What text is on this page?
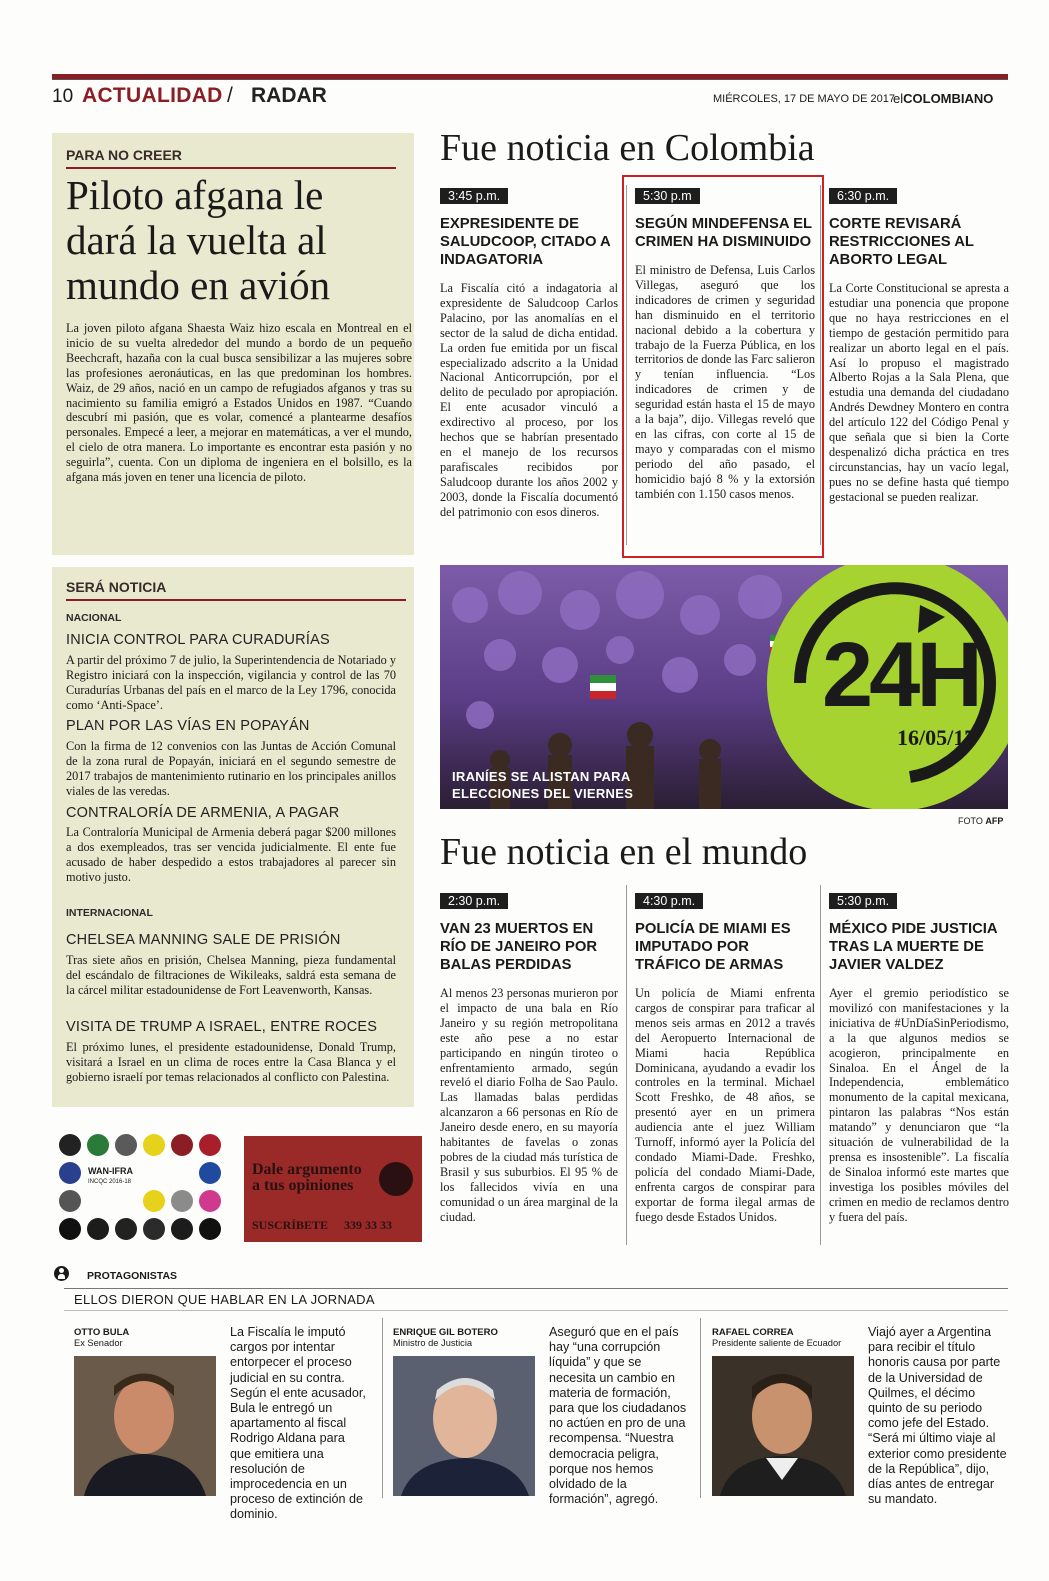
10 ACTUALIDAD / RADAR	MIÉRCOLES, 17 DE MAYO DE 2017
elCOLOMBIANO
PARA NO CREER
Piloto afgana le dará la vuelta al mundo en avión
La joven piloto afgana Shaesta Waiz hizo escala en Montreal en el inicio de su vuelta alrededor del mundo a bordo de un pequeño Beechcraft, hazaña con la cual busca sensibilizar a las mujeres sobre las profesiones aeronáuticas, en las que predominan los hombres. Waiz, de 29 años, nació en un campo de refugiados afganos y tras su nacimiento su familia emigró a Estados Unidos en 1987. “Cuando descubrí mi pasión, que es volar, comencé a plantearme desafíos personales. Empecé a leer, a mejorar en matemáticas, a ver el mundo, el cielo de otra manera. Lo importante es encontrar esta pasión y no seguirla”, cuenta. Con un diploma de ingeniera en el bolsillo, es la afgana más joven en tener una licencia de piloto.
SERÁ NOTICIA
NACIONAL
INICIA CONTROL PARA CURADURÍAS
A partir del próximo 7 de julio, la Superintendencia de Notariado y Registro iniciará con la inspección, vigilancia y control de las 70 Curadurías Urbanas del país en el marco de la Ley 1796, conocida como ‘Anti-Space’.
PLAN POR LAS VÍAS EN POPAYÁN
Con la firma de 12 convenios con las Juntas de Acción Comunal de la zona rural de Popayán, iniciará en el segundo semestre de 2017 trabajos de mantenimiento rutinario en los principales anillos viales de las veredas.
CONTRALORÍA DE ARMENIA, A PAGAR
La Contraloría Municipal de Armenia deberá pagar $200 millones a dos exempleados, tras ser vencida judicialmente. El ente fue acusado de haber despedido a estos trabajadores al parecer sin motivo justo.
INTERNACIONAL
CHELSEA MANNING SALE DE PRISIÓN
Tras siete años en prisión, Chelsea Manning, pieza fundamental del escándalo de filtraciones de Wikileaks, saldrá esta semana de la cárcel militar estadounidense de Fort Leavenworth, Kansas.
VISITA DE TRUMP A ISRAEL, ENTRE ROCES
El próximo lunes, el presidente estadounidense, Donald Trump, visitará a Israel en un clima de roces entre la Casa Blanca y el gobierno israelí por temas relacionados al conflicto con Palestina.
Fue noticia en Colombia
3:45 p.m.
EXPRESIDENTE DE SALUDCOOP, CITADO A INDAGATORIA
La Fiscalía citó a indagatoria al expresidente de Saludcoop Carlos Palacino, por las anomalías en el sector de la salud de dicha entidad. La orden fue emitida por un fiscal especializado adscrito a la Unidad Nacional Anticorrupción, por el delito de peculado por apropiación. El ente acusador vinculó a exdirectivo al proceso, por los hechos que se habrían presentado en el manejo de los recursos parafiscales recibidos por Saludcoop durante los años 2002 y 2003, donde la Fiscalía documentó del patrimonio con esos dineros.
5:30 p.m
SEGÚN MINDEFENSA EL CRIMEN HA DISMINUIDO
El ministro de Defensa, Luis Carlos Villegas, aseguró que los indicadores de crimen y seguridad han disminuido en el territorio nacional debido a la cobertura y trabajo de la Fuerza Pública, en los territorios de donde las Farc salieron y tenían influencia. “Los indicadores de crimen y de seguridad están hasta el 15 de mayo a la baja”, dijo. Villegas reveló que en las cifras, con corte al 15 de mayo y comparadas con el mismo periodo del año pasado, el homicidio bajó 8 % y la extorsión también con 1.150 casos menos.
6:30 p.m.
CORTE REVISARÁ RESTRICCIONES AL ABORTO LEGAL
La Corte Constitucional se apresta a estudiar una ponencia que propone que no haya restricciones en el tiempo de gestación permitido para realizar un aborto legal en el país. Así lo propuso el magistrado Alberto Rojas a la Sala Plena, que estudia una demanda del ciudadano Andrés Dewdney Montero en contra del artículo 122 del Código Penal y que señala que si bien la Corte despenalizó dicha práctica en tres circunstancias, hay un vacío legal, pues no se define hasta qué tiempo gestacional se pueden realizar.
24H
16/05/17
IRANÍES SE ALISTAN PARA
ELECCIONES DEL VIERNES
FOTO AFP
Fue noticia en el mundo
2:30 p.m.
VAN 23 MUERTOS EN RÍO DE JANEIRO POR BALAS PERDIDAS
Al menos 23 personas murieron por el impacto de una bala en Río Janeiro y su región metropolitana este año pese a no estar participando en ningún tiroteo o enfrentamiento armado, según reveló el diario Folha de Sao Paulo. Las llamadas balas perdidas alcanzaron a 66 personas en Río de Janeiro desde enero, en su mayoría habitantes de favelas o zonas pobres de la ciudad más turística de Brasil y sus suburbios. El 95 % de los fallecidos vivía en una comunidad o un área marginal de la ciudad.
4:30 p.m.
POLICÍA DE MIAMI ES IMPUTADO POR TRÁFICO DE ARMAS
Un policía de Miami enfrenta cargos de conspirar para traficar al menos seis armas en 2012 a través del Aeropuerto Internacional de Miami hacia República Dominicana, ayudando a evadir los controles en la terminal. Michael Scott Freshko, de 48 años, se presentó ayer en un primera audiencia ante el juez William Turnoff, informó ayer la Policía del condado Miami-Dade. Freshko, policía del condado Miami-Dade, enfrenta cargos de conspirar para exportar de forma ilegal armas de fuego desde Estados Unidos.
5:30 p.m.
MÉXICO PIDE JUSTICIA TRAS LA MUERTE DE JAVIER VALDEZ
Ayer el gremio periodístico se movilizó con manifestaciones y la iniciativa de #UnDíaSinPeriodismo, a la que algunos medios se acogieron, principalmente en Sinaloa. En el Ángel de la Independencia, emblemático monumento de la capital mexicana, pintaron las palabras “Nos están matando” y denunciaron que “la situación de vulnerabilidad de la prensa es insostenible”. La fiscalía de Sinaloa informó este martes que investiga los posibles móviles del crimen en medio de reclamos dentro y fuera del país.
WAN-IFRA
INCQC 2016-18
Dale argumento
a tus opiniones
SUSCRÍBETE 339 33 33
PROTAGONISTAS
ELLOS DIERON QUE HABLAR EN LA JORNADA
OTTO BULA
Ex Senador
La Fiscalía le imputó cargos por intentar entorpecer el proceso judicial en su contra. Según el ente acusador, Bula le entregó un apartamento al fiscal Rodrigo Aldana para que emitiera una resolución de improcedencia en un proceso de extinción de dominio.
ENRIQUE GIL BOTERO
Ministro de Justicia
Aseguró que en el país hay “una corrupción líquida” y que se necesita un cambio en materia de formación, para que los ciudadanos no actúen en pro de una recompensa. “Nuestra democracia peligra, porque nos hemos olvidado de la formación”, agregó.
RAFAEL CORREA
Presidente saliente de Ecuador
Viajó ayer a Argentina para recibir el título honoris causa por parte de la Universidad de Quilmes, el décimo quinto de su periodo como jefe del Estado. “Será mi último viaje al exterior como presidente de la República”, dijo, días antes de entregar su mandato.
